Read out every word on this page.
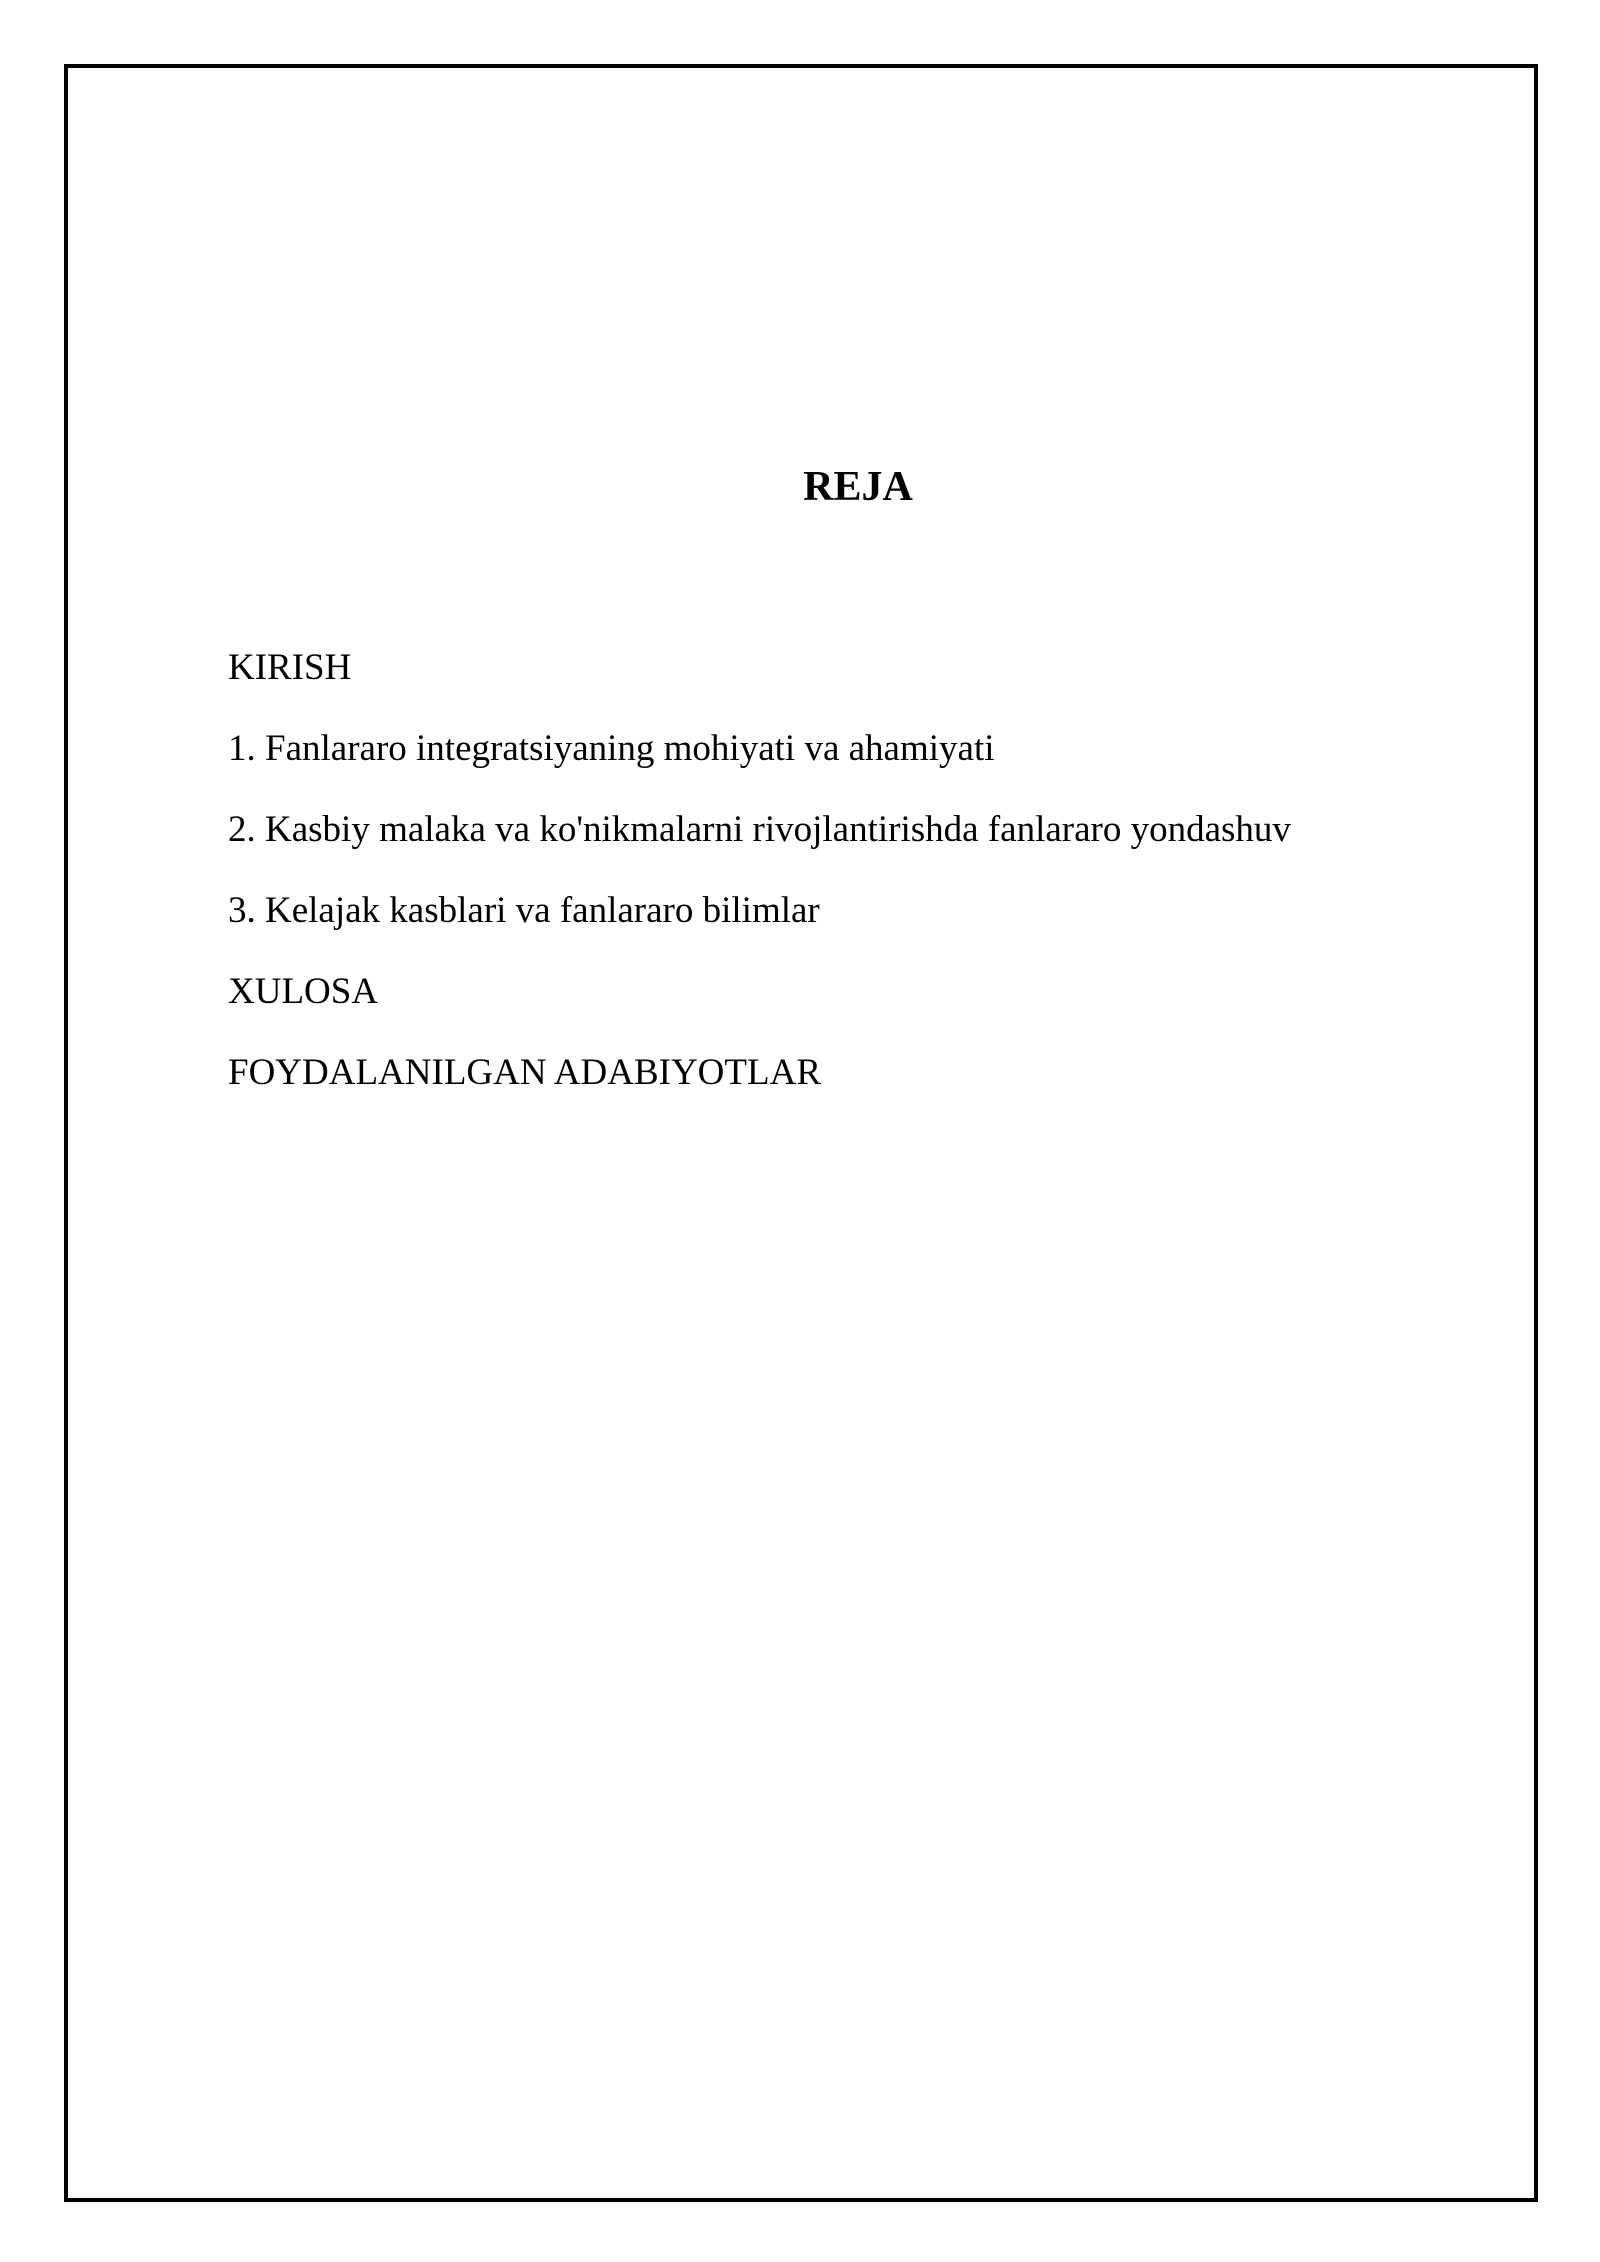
REJA
KIRISH
1. Fanlararo integratsiyaning mohiyati va ahamiyati
2. Kasbiy malaka va ko'nikmalarni rivojlantirishda fanlararo yondashuv
3. Kelajak kasblari va fanlararo bilimlar
XULOSA
FOYDALANILGAN ADABIYOTLAR
